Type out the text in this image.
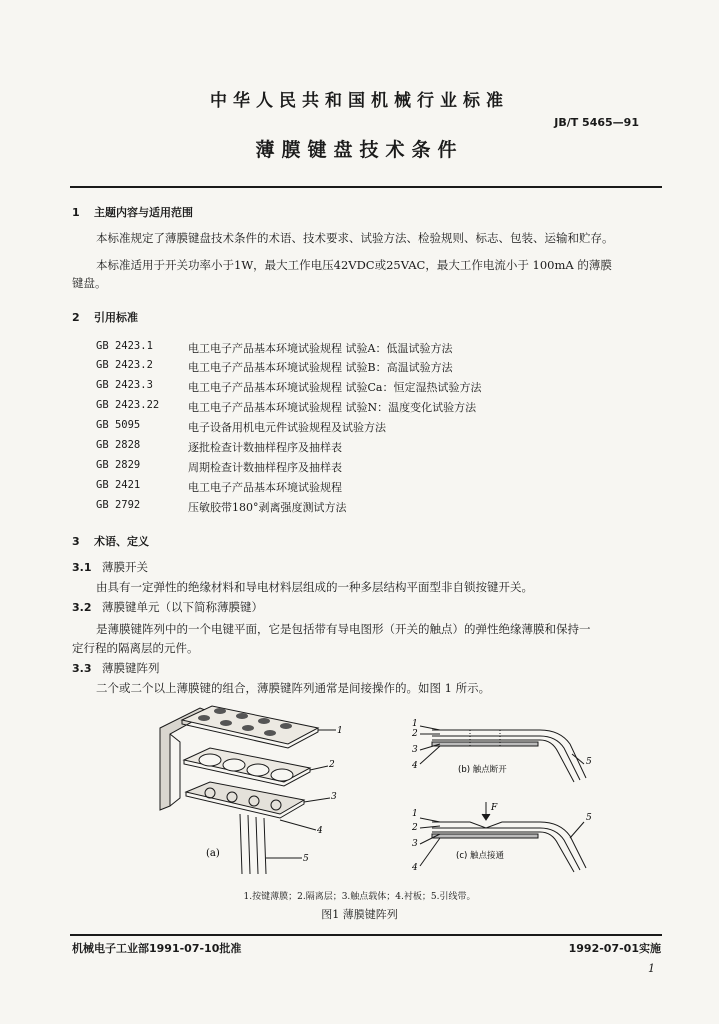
中华人民共和国机械行业标准
JB/T 5465—91
薄膜键盘技术条件
1 主题内容与适用范围
本标准规定了薄膜键盘技术条件的术语、技术要求、试验方法、检验规则、标志、包装、运输和贮存。
本标准适用于开关功率小于1W，最大工作电压42VDC或25VAC，最大工作电流小于 100mA 的薄膜
键盘。
2 引用标准
GB 2423.1	电工电子产品基本环境试验规程 试验A：低温试验方法
GB 2423.2	电工电子产品基本环境试验规程 试验B：高温试验方法
GB 2423.3	电工电子产品基本环境试验规程 试验Ca：恒定湿热试验方法
GB 2423.22	电工电子产品基本环境试验规程 试验N：温度变化试验方法
GB 5095	电子设备用机电元件试验规程及试验方法
GB 2828	逐批检查计数抽样程序及抽样表
GB 2829	周期检查计数抽样程序及抽样表
GB 2421	电工电子产品基本环境试验规程
GB 2792	压敏胶带180°剥离强度测试方法
3 术语、定义
3.1 薄膜开关
由具有一定弹性的绝缘材料和导电材料层组成的一种多层结构平面型非自锁按键开关。
3.2 薄膜键单元（以下简称薄膜键）
是薄膜键阵列中的一个电键平面，它是包括带有导电图形（开关的触点）的弹性绝缘薄膜和保持一
定行程的隔离层的元件。
3.3 薄膜键阵列
二个或二个以上薄膜键的组合，薄膜键阵列通常是间接操作的。如图 1 所示。
1
2
3
4
5
(a)
1
2
3
4	5
(b) 触点断开
F
1
2
3
4
5
(c) 触点接通
1.按键薄膜；2.隔离层；3.触点载体；4.衬板；5.引线带。
图1 薄膜键阵列
机械电子工业部1991-07-10批准	1992-07-01实施
1
